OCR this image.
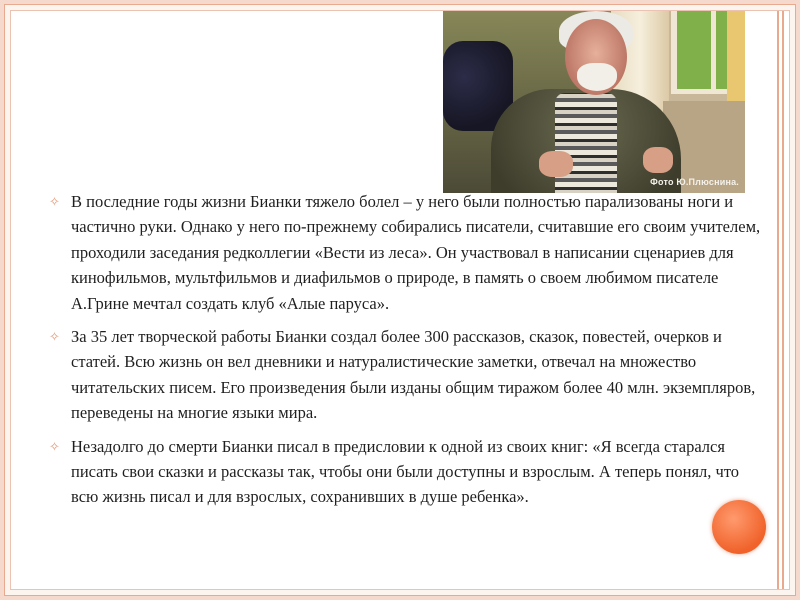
Фото Ю.Плюснина.

✧ В последние годы жизни Бианки тяжело болел – у него были полностью парализованы ноги и частично руки. Однако у него по-прежнему собирались писатели, считавшие его своим учителем, проходили заседания редколлегии «Вести из леса». Он участвовал в написании сценариев для кинофильмов, мультфильмов и диафильмов о природе, в память о своем любимом писателе А.Грине мечтал создать клуб «Алые паруса».

✧ За 35 лет творческой работы Бианки создал более 300 рассказов, сказок, повестей, очерков и статей. Всю жизнь он вел дневники и натуралистические заметки, отвечал на множество читательских писем. Его произведения были изданы общим тиражом более 40 млн. экземпляров, переведены на многие языки мира.

✧ Незадолго до смерти Бианки писал в предисловии к одной из своих книг: «Я всегда старался писать свои сказки и рассказы так, чтобы они были доступны и взрослым. А теперь понял, что всю жизнь писал и для взрослых, сохранивших в душе ребенка».
